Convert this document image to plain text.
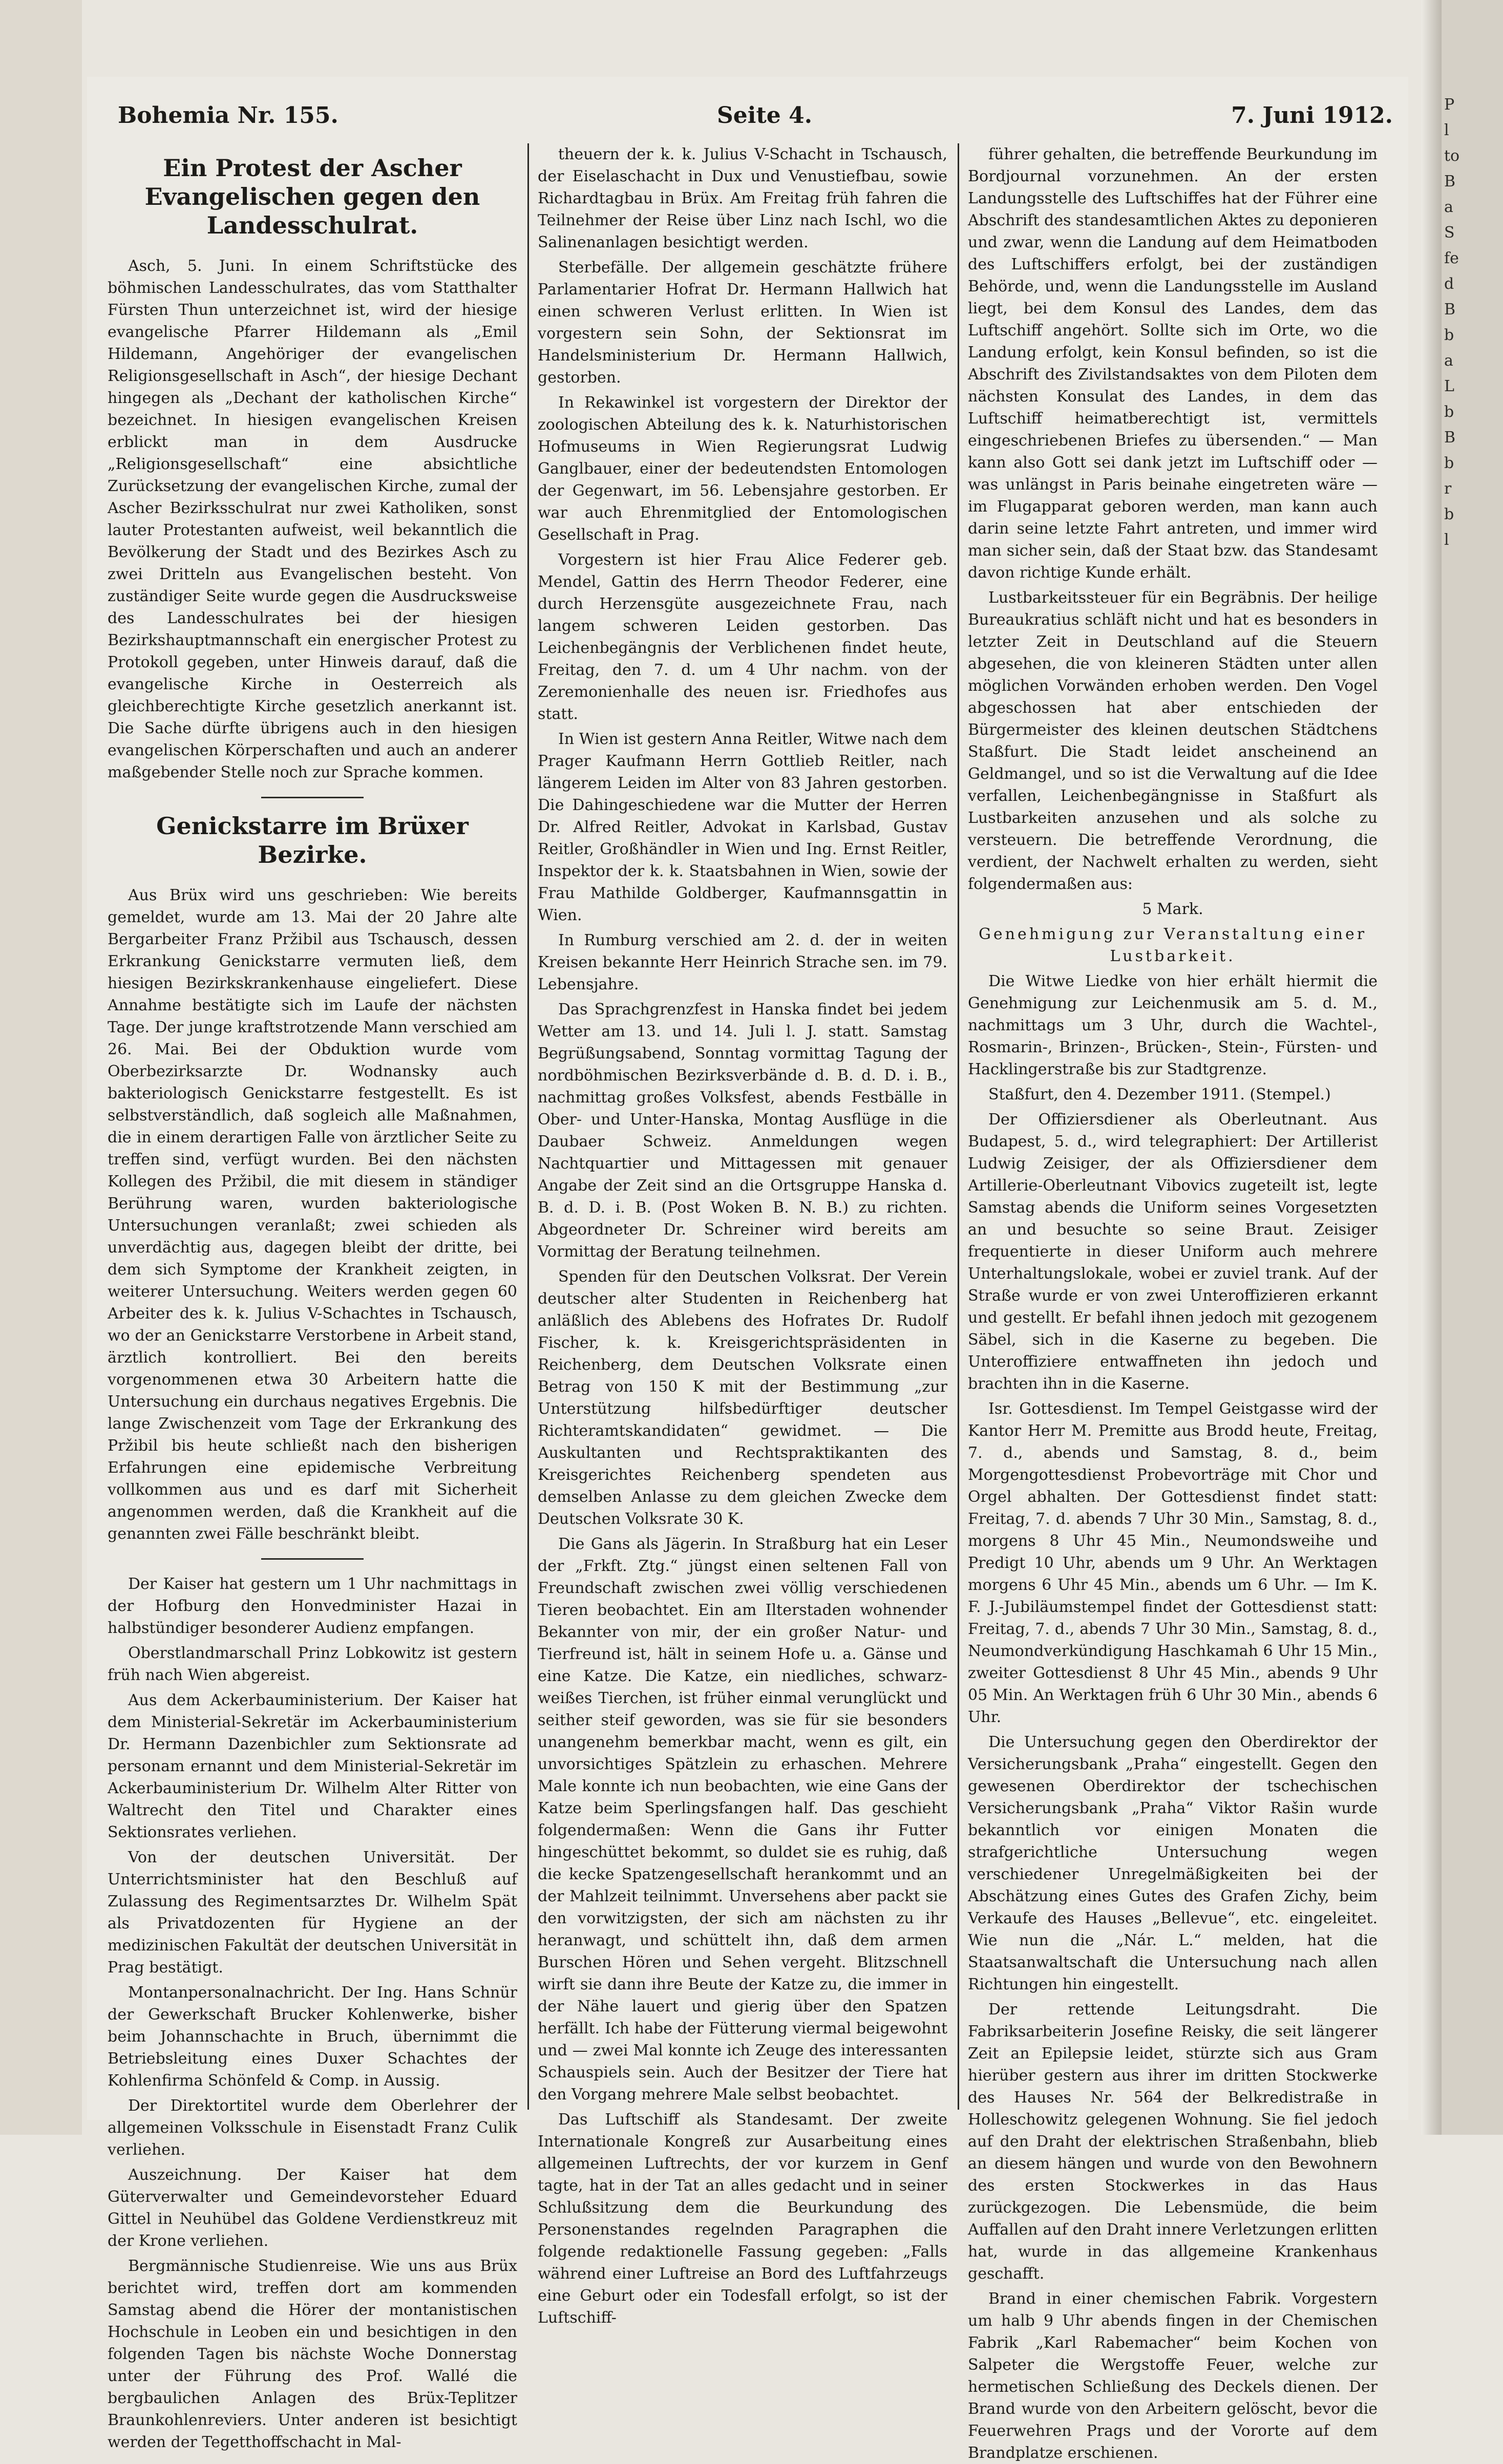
Bohemia Nr. 155.	Seite 4.	7. Juni 1912.
Ein Protest der Ascher Evangelischen gegen den Landesschulrat.

Asch, 5. Juni. In einem Schriftstücke des böhmischen Landesschulrates, das vom Statthalter Fürsten Thun unterzeichnet ist, wird der hiesige evangelische Pfarrer Hildemann als „Emil Hildemann, Angehöriger der evangelischen Religionsgesellschaft in Asch“, der hiesige Dechant hingegen als „Dechant der katholischen Kirche“ bezeichnet. In hiesigen evangelischen Kreisen erblickt man in dem Ausdrucke „Religionsgesellschaft“ eine absichtliche Zurücksetzung der evangelischen Kirche, zumal der Ascher Bezirksschulrat nur zwei Katholiken, sonst lauter Protestanten aufweist, weil bekanntlich die Bevölkerung der Stadt und des Bezirkes Asch zu zwei Dritteln aus Evangelischen besteht. Von zuständiger Seite wurde gegen die Ausdrucksweise des Landesschulrates bei der hiesigen Bezirkshauptmannschaft ein energischer Protest zu Protokoll gegeben, unter Hinweis darauf, daß die evangelische Kirche in Oesterreich als gleichberechtigte Kirche gesetzlich anerkannt ist. Die Sache dürfte übrigens auch in den hiesigen evangelischen Körperschaften und auch an anderer maßgebender Stelle noch zur Sprache kommen.

Genickstarre im Brüxer Bezirke.

Aus Brüx wird uns geschrieben: Wie bereits gemeldet, wurde am 13. Mai der 20 Jahre alte Bergarbeiter Franz Pržibil aus Tschausch, dessen Erkrankung Genickstarre vermuten ließ, dem hiesigen Bezirkskrankenhause eingeliefert. Diese Annahme bestätigte sich im Laufe der nächsten Tage. Der junge kraftstrotzende Mann verschied am 26. Mai. Bei der Obduktion wurde vom Oberbezirksarzte Dr. Wodnansky auch bakteriologisch Genickstarre festgestellt. Es ist selbstverständlich, daß sogleich alle Maßnahmen, die in einem derartigen Falle von ärztlicher Seite zu treffen sind, verfügt wurden. Bei den nächsten Kollegen des Pržibil, die mit diesem in ständiger Berührung waren, wurden bakteriologische Untersuchungen veranlaßt; zwei schieden als unverdächtig aus, dagegen bleibt der dritte, bei dem sich Symptome der Krankheit zeigten, in weiterer Untersuchung. Weiters werden gegen 60 Arbeiter des k. k. Julius V-Schachtes in Tschausch, wo der an Genickstarre Verstorbene in Arbeit stand, ärztlich kontrolliert. Bei den bereits vorgenommenen etwa 30 Arbeitern hatte die Untersuchung ein durchaus negatives Ergebnis. Die lange Zwischenzeit vom Tage der Erkrankung des Pržibil bis heute schließt nach den bisherigen Erfahrungen eine epidemische Verbreitung vollkommen aus und es darf mit Sicherheit angenommen werden, daß die Krankheit auf die genannten zwei Fälle beschränkt bleibt.

Der Kaiser hat gestern um 1 Uhr nachmittags in der Hofburg den Honvedminister Hazai in halbstündiger besonderer Audienz empfangen.

Oberstlandmarschall Prinz Lobkowitz ist gestern früh nach Wien abgereist.

Aus dem Ackerbauministerium. Der Kaiser hat dem Ministerial-Sekretär im Ackerbauministerium Dr. Hermann Dazenbichler zum Sektionsrate ad personam ernannt und dem Ministerial-Sekretär im Ackerbauministerium Dr. Wilhelm Alter Ritter von Waltrecht den Titel und Charakter eines Sektionsrates verliehen.

Von der deutschen Universität. Der Unterrichtsminister hat den Beschluß auf Zulassung des Regimentsarztes Dr. Wilhelm Spät als Privatdozenten für Hygiene an der medizinischen Fakultät der deutschen Universität in Prag bestätigt.

Montanpersonalnachricht. Der Ing. Hans Schnür der Gewerkschaft Brucker Kohlenwerke, bisher beim Johannschachte in Bruch, übernimmt die Betriebsleitung eines Duxer Schachtes der Kohlenfirma Schönfeld & Comp. in Aussig.

Der Direktortitel wurde dem Oberlehrer der allgemeinen Volksschule in Eisenstadt Franz Culik verliehen.

Auszeichnung. Der Kaiser hat dem Güterverwalter und Gemeindevorsteher Eduard Gittel in Neuhübel das Goldene Verdienstkreuz mit der Krone verliehen.

Bergmännische Studienreise. Wie uns aus Brüx berichtet wird, treffen dort am kommenden Samstag abend die Hörer der montanistischen Hochschule in Leoben ein und besichtigen in den folgenden Tagen bis nächste Woche Donnerstag unter der Führung des Prof. Wallé die bergbaulichen Anlagen des Brüx-Teplitzer Braunkohlenreviers. Unter anderen ist besichtigt werden der Tegetthoffschacht in Mal-

theuern der k. k. Julius V-Schacht in Tschausch, der Eiselaschacht in Dux und Venustiefbau, sowie Richardtagbau in Brüx. Am Freitag früh fahren die Teilnehmer der Reise über Linz nach Ischl, wo die Salinenanlagen besichtigt werden.

Sterbefälle. Der allgemein geschätzte frühere Parlamentarier Hofrat Dr. Hermann Hallwich hat einen schweren Verlust erlitten. In Wien ist vorgestern sein Sohn, der Sektionsrat im Handelsministerium Dr. Hermann Hallwich, gestorben.

In Rekawinkel ist vorgestern der Direktor der zoologischen Abteilung des k. k. Naturhistorischen Hofmuseums in Wien Regierungsrat Ludwig Ganglbauer, einer der bedeutendsten Entomologen der Gegenwart, im 56. Lebensjahre gestorben. Er war auch Ehrenmitglied der Entomologischen Gesellschaft in Prag.

Vorgestern ist hier Frau Alice Federer geb. Mendel, Gattin des Herrn Theodor Federer, eine durch Herzensgüte ausgezeichnete Frau, nach langem schweren Leiden gestorben. Das Leichenbegängnis der Verblichenen findet heute, Freitag, den 7. d. um 4 Uhr nachm. von der Zeremonienhalle des neuen isr. Friedhofes aus statt.

In Wien ist gestern Anna Reitler, Witwe nach dem Prager Kaufmann Herrn Gottlieb Reitler, nach längerem Leiden im Alter von 83 Jahren gestorben. Die Dahingeschiedene war die Mutter der Herren Dr. Alfred Reitler, Advokat in Karlsbad, Gustav Reitler, Großhändler in Wien und Ing. Ernst Reitler, Inspektor der k. k. Staatsbahnen in Wien, sowie der Frau Mathilde Goldberger, Kaufmannsgattin in Wien.

In Rumburg verschied am 2. d. der in weiten Kreisen bekannte Herr Heinrich Strache sen. im 79. Lebensjahre.

Das Sprachgrenzfest in Hanska findet bei jedem Wetter am 13. und 14. Juli l. J. statt. Samstag Begrüßungsabend, Sonntag vormittag Tagung der nordböhmischen Bezirksverbände d. B. d. D. i. B., nachmittag großes Volksfest, abends Festbälle in Ober- und Unter-Hanska, Montag Ausflüge in die Daubaer Schweiz. Anmeldungen wegen Nachtquartier und Mittagessen mit genauer Angabe der Zeit sind an die Ortsgruppe Hanska d. B. d. D. i. B. (Post Woken B. N. B.) zu richten. Abgeordneter Dr. Schreiner wird bereits am Vormittag der Beratung teilnehmen.

Spenden für den Deutschen Volksrat. Der Verein deutscher alter Studenten in Reichenberg hat anläßlich des Ablebens des Hofrates Dr. Rudolf Fischer, k. k. Kreisgerichtspräsidenten in Reichenberg, dem Deutschen Volksrate einen Betrag von 150 K mit der Bestimmung „zur Unterstützung hilfsbedürftiger deutscher Richteramtskandidaten“ gewidmet. — Die Auskultanten und Rechtspraktikanten des Kreisgerichtes Reichenberg spendeten aus demselben Anlasse zu dem gleichen Zwecke dem Deutschen Volksrate 30 K.

Die Gans als Jägerin. In Straßburg hat ein Leser der „Frkft. Ztg.“ jüngst einen seltenen Fall von Freundschaft zwischen zwei völlig verschiedenen Tieren beobachtet. Ein am Ilterstaden wohnender Bekannter von mir, der ein großer Natur- und Tierfreund ist, hält in seinem Hofe u. a. Gänse und eine Katze. Die Katze, ein niedliches, schwarz-weißes Tierchen, ist früher einmal verunglückt und seither steif geworden, was sie für sie besonders unangenehm bemerkbar macht, wenn es gilt, ein unvorsichtiges Spätzlein zu erhaschen. Mehrere Male konnte ich nun beobachten, wie eine Gans der Katze beim Sperlingsfangen half. Das geschieht folgendermaßen: Wenn die Gans ihr Futter hingeschüttet bekommt, so duldet sie es ruhig, daß die kecke Spatzengesellschaft herankommt und an der Mahlzeit teilnimmt. Unversehens aber packt sie den vorwitzigsten, der sich am nächsten zu ihr heranwagt, und schüttelt ihn, daß dem armen Burschen Hören und Sehen vergeht. Blitzschnell wirft sie dann ihre Beute der Katze zu, die immer in der Nähe lauert und gierig über den Spatzen herfällt. Ich habe der Fütterung viermal beigewohnt und — zwei Mal konnte ich Zeuge des interessanten Schauspiels sein. Auch der Besitzer der Tiere hat den Vorgang mehrere Male selbst beobachtet.

Das Luftschiff als Standesamt. Der zweite Internationale Kongreß zur Ausarbeitung eines allgemeinen Luftrechts, der vor kurzem in Genf tagte, hat in der Tat an alles gedacht und in seiner Schlußsitzung dem die Beurkundung des Personenstandes regelnden Paragraphen die folgende redaktionelle Fassung gegeben: „Falls während einer Luftreise an Bord des Luftfahrzeugs eine Geburt oder ein Todesfall erfolgt, so ist der Luftschiff-

führer gehalten, die betreffende Beurkundung im Bordjournal vorzunehmen. An der ersten Landungsstelle des Luftschiffes hat der Führer eine Abschrift des standesamtlichen Aktes zu deponieren und zwar, wenn die Landung auf dem Heimatboden des Luftschiffers erfolgt, bei der zuständigen Behörde, und, wenn die Landungsstelle im Ausland liegt, bei dem Konsul des Landes, dem das Luftschiff angehört. Sollte sich im Orte, wo die Landung erfolgt, kein Konsul befinden, so ist die Abschrift des Zivilstandsaktes von dem Piloten dem nächsten Konsulat des Landes, in dem das Luftschiff heimatberechtigt ist, vermittels eingeschriebenen Briefes zu übersenden.“ — Man kann also Gott sei dank jetzt im Luftschiff oder — was unlängst in Paris beinahe eingetreten wäre — im Flugapparat geboren werden, man kann auch darin seine letzte Fahrt antreten, und immer wird man sicher sein, daß der Staat bzw. das Standesamt davon richtige Kunde erhält.

Lustbarkeitssteuer für ein Begräbnis. Der heilige Bureaukratius schläft nicht und hat es besonders in letzter Zeit in Deutschland auf die Steuern abgesehen, die von kleineren Städten unter allen möglichen Vorwänden erhoben werden. Den Vogel abgeschossen hat aber entschieden der Bürgermeister des kleinen deutschen Städtchens Staßfurt. Die Stadt leidet anscheinend an Geldmangel, und so ist die Verwaltung auf die Idee verfallen, Leichenbegängnisse in Staßfurt als Lustbarkeiten anzusehen und als solche zu versteuern. Die betreffende Verordnung, die verdient, der Nachwelt erhalten zu werden, sieht folgendermaßen aus:

5 Mark.

Genehmigung zur Veranstaltung einer Lustbarkeit.

Die Witwe Liedke von hier erhält hiermit die Genehmigung zur Leichenmusik am 5. d. M., nachmittags um 3 Uhr, durch die Wachtel-, Rosmarin-, Brinzen-, Brücken-, Stein-, Fürsten- und Hacklingerstraße bis zur Stadtgrenze.

Staßfurt, den 4. Dezember 1911. (Stempel.)

Der Offiziersdiener als Oberleutnant. Aus Budapest, 5. d., wird telegraphiert: Der Artillerist Ludwig Zeisiger, der als Offiziersdiener dem Artillerie-Oberleutnant Vibovics zugeteilt ist, legte Samstag abends die Uniform seines Vorgesetzten an und besuchte so seine Braut. Zeisiger frequentierte in dieser Uniform auch mehrere Unterhaltungslokale, wobei er zuviel trank. Auf der Straße wurde er von zwei Unteroffizieren erkannt und gestellt. Er befahl ihnen jedoch mit gezogenem Säbel, sich in die Kaserne zu begeben. Die Unteroffiziere entwaffneten ihn jedoch und brachten ihn in die Kaserne.

Isr. Gottesdienst. Im Tempel Geistgasse wird der Kantor Herr M. Premitte aus Brodd heute, Freitag, 7. d., abends und Samstag, 8. d., beim Morgengottesdienst Probevorträge mit Chor und Orgel abhalten. Der Gottesdienst findet statt: Freitag, 7. d. abends 7 Uhr 30 Min., Samstag, 8. d., morgens 8 Uhr 45 Min., Neumondsweihe und Predigt 10 Uhr, abends um 9 Uhr. An Werktagen morgens 6 Uhr 45 Min., abends um 6 Uhr. — Im K. F. J.-Jubiläumstempel findet der Gottesdienst statt: Freitag, 7. d., abends 7 Uhr 30 Min., Samstag, 8. d., Neumondverkündigung Haschkamah 6 Uhr 15 Min., zweiter Gottesdienst 8 Uhr 45 Min., abends 9 Uhr 05 Min. An Werktagen früh 6 Uhr 30 Min., abends 6 Uhr.

Die Untersuchung gegen den Oberdirektor der Versicherungsbank „Praha“ eingestellt. Gegen den gewesenen Oberdirektor der tschechischen Versicherungsbank „Praha“ Viktor Rašin wurde bekanntlich vor einigen Monaten die strafgerichtliche Untersuchung wegen verschiedener Unregelmäßigkeiten bei der Abschätzung eines Gutes des Grafen Zichy, beim Verkaufe des Hauses „Bellevue“, etc. eingeleitet. Wie nun die „Nár. L.“ melden, hat die Staatsanwaltschaft die Untersuchung nach allen Richtungen hin eingestellt.

Der rettende Leitungsdraht. Die Fabriksarbeiterin Josefine Reisky, die seit längerer Zeit an Epilepsie leidet, stürzte sich aus Gram hierüber gestern aus ihrer im dritten Stockwerke des Hauses Nr. 564 der Belkredistraße in Holleschowitz gelegenen Wohnung. Sie fiel jedoch auf den Draht der elektrischen Straßenbahn, blieb an diesem hängen und wurde von den Bewohnern des ersten Stockwerkes in das Haus zurückgezogen. Die Lebensmüde, die beim Auffallen auf den Draht innere Verletzungen erlitten hat, wurde in das allgemeine Krankenhaus geschafft.

Brand in einer chemischen Fabrik. Vorgestern um halb 9 Uhr abends fingen in der Chemischen Fabrik „Karl Rabemacher“ beim Kochen von Salpeter die Wergstoffe Feuer, welche zur hermetischen Schließung des Deckels dienen. Der Brand wurde von den Arbeitern gelöscht, bevor die Feuerwehren Prags und der Vororte auf dem Brandplatze erschienen.

P
l
to
B
a
S
fe
d
B
b
a
L
b
B
b
r
b
l
